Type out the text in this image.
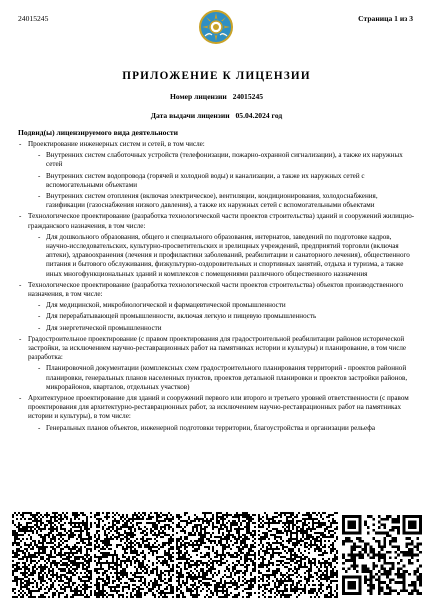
24015245	Страница 1 из 3
ПРИЛОЖЕНИЕ К ЛИЦЕНЗИИ
Номер лицензии 24015245
Дата выдачи лицензии 05.04.2024 год
Подвид(ы) лицензируемого вида деятельности
- Проектирование инженерных систем и сетей, в том числе:
- Внутренних систем слаботочных устройств (телефонизации, пожарно-охранной сигнализации), а также их наружных сетей
- Внутренних систем водопровода (горячей и холодной воды) и канализации, а также их наружных сетей с вспомогательными объектами
- Внутренних систем отопления (включая электрическое), вентиляции, кондиционирования, холодоснабжения, газификации (газоснабжения низкого давления), а также их наружных сетей с вспомогательными объектами
- Технологическое проектирование (разработка технологической части проектов строительства) зданий и сооружений жилищно-гражданского назначения, в том числе:
- Для дошкольного образования, общего и специального образования, интернатов, заведений по подготовке кадров, научно-исследовательских, культурно-просветительских и зрелищных учреждений, предприятий торговли (включая аптеки), здравоохранения (лечения и профилактики заболеваний, реабилитации и санаторного лечения), общественного питания и бытового обслуживания, физкультурно-оздоровительных и спортивных занятий, отдыха и туризма, а также иных многофункциональных зданий и комплексов с помещениями различного общественного назначения
- Технологическое проектирование (разработка технологической части проектов строительства) объектов производственного назначения, в том числе:
- Для медицинской, микробиологической и фармацевтической промышленности
- Для перерабатывающей промышленности, включая легкую и пищевую промышленность
- Для энергетической промышленности
- Градостроительное проектирование (с правом проектирования для градостроительной реабилитации районов исторической застройки, за исключением научно-реставрационных работ на памятниках истории и культуры) и планирование, в том числе разработка:
- Планировочной документации (комплексных схем градостроительного планирования территорий - проектов районной планировки, генеральных планов населенных пунктов, проектов детальной планировки и проектов застройки районов, микрорайонов, кварталов, отдельных участков)
- Архитектурное проектирование для зданий и сооружений первого или второго и третьего уровней ответственности (с правом проектирования для архитектурно-реставрационных работ, за исключением научно-реставрационных работ на памятниках истории и культуры), в том числе:
- Генеральных планов объектов, инженерной подготовки территории, благоустройства и организации рельефа
